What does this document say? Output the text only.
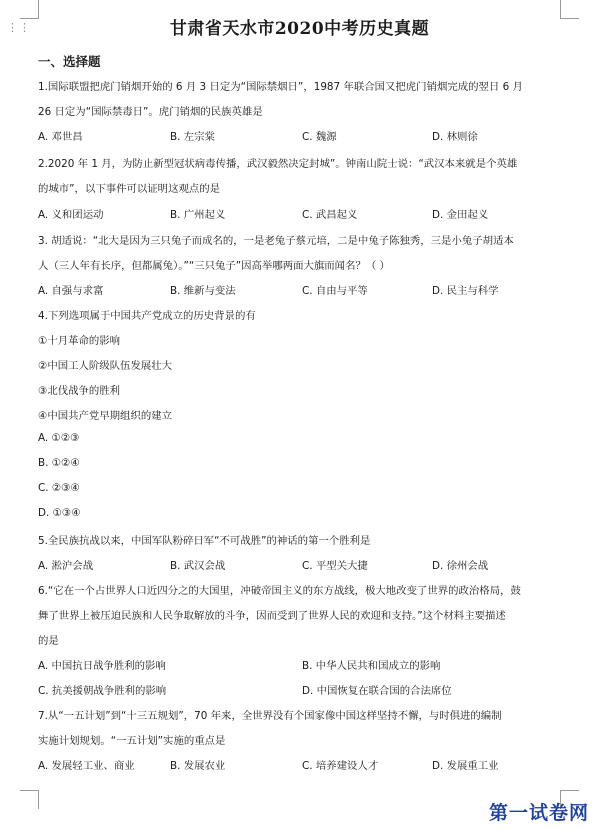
⋮⋮	甘肃省天水市2020中考历史真题
一、选择题
1.国际联盟把虎门销烟开始的 6 月 3 日定为“国际禁烟日”，1987 年联合国又把虎门销烟完成的翌日 6 月
26 日定为“国际禁毒日”。虎门销烟的民族英雄是
A. 邓世昌	B. 左宗棠	C. 魏源	D. 林则徐
2.2020 年 1 月，为防止新型冠状病毒传播，武汉毅然决定封城”。钟南山院士说：“武汉本来就是个英雄
的城市”，以下事件可以证明这观点的是
A. 义和团运动	B. 广州起义	C. 武昌起义	D. 金田起义
3. 胡适说：“北大是因为三只兔子而成名的，一是老兔子蔡元培，二是中兔子陈独秀，三是小兔子胡适本
人（三人年有长序，但都属兔）。”“三只兔子”因高举哪两面大旗而闻名？（ ）
A. 自强与求富	B. 维新与变法	C. 自由与平等	D. 民主与科学
4.下列选项属于中国共产党成立的历史背景的有
①十月革命的影响
②中国工人阶级队伍发展壮大
③北伐战争的胜利
④中国共产党早期组织的建立
A. ①②③
B. ①②④
C. ②③④
D. ①③④
5.全民族抗战以来，中国军队粉碎日军“不可战胜”的神话的第一个胜利是
A. 淞沪会战	B. 武汉会战	C. 平型关大捷	D. 徐州会战
6.“它在一个占世界人口近四分之的大国里，冲破帝国主义的东方战线，极大地改变了世界的政治格局，鼓
舞了世界上被压迫民族和人民争取解放的斗争，因而受到了世界人民的欢迎和支持。”这个材料主要描述
的是
A. 中国抗日战争胜利的影响	B. 中华人民共和国成立的影响
C. 抗美援朝战争胜利的影响	D. 中国恢复在联合国的合法席位
7.从“一五计划”到“十三五规划”，70 年来，全世界没有个国家像中国这样坚持不懈，与时俱进的编制
实施计划规划。“一五计划”实施的重点是
A. 发展轻工业、商业	B. 发展农业	C. 培养建设人才	D. 发展重工业
第一试卷网
